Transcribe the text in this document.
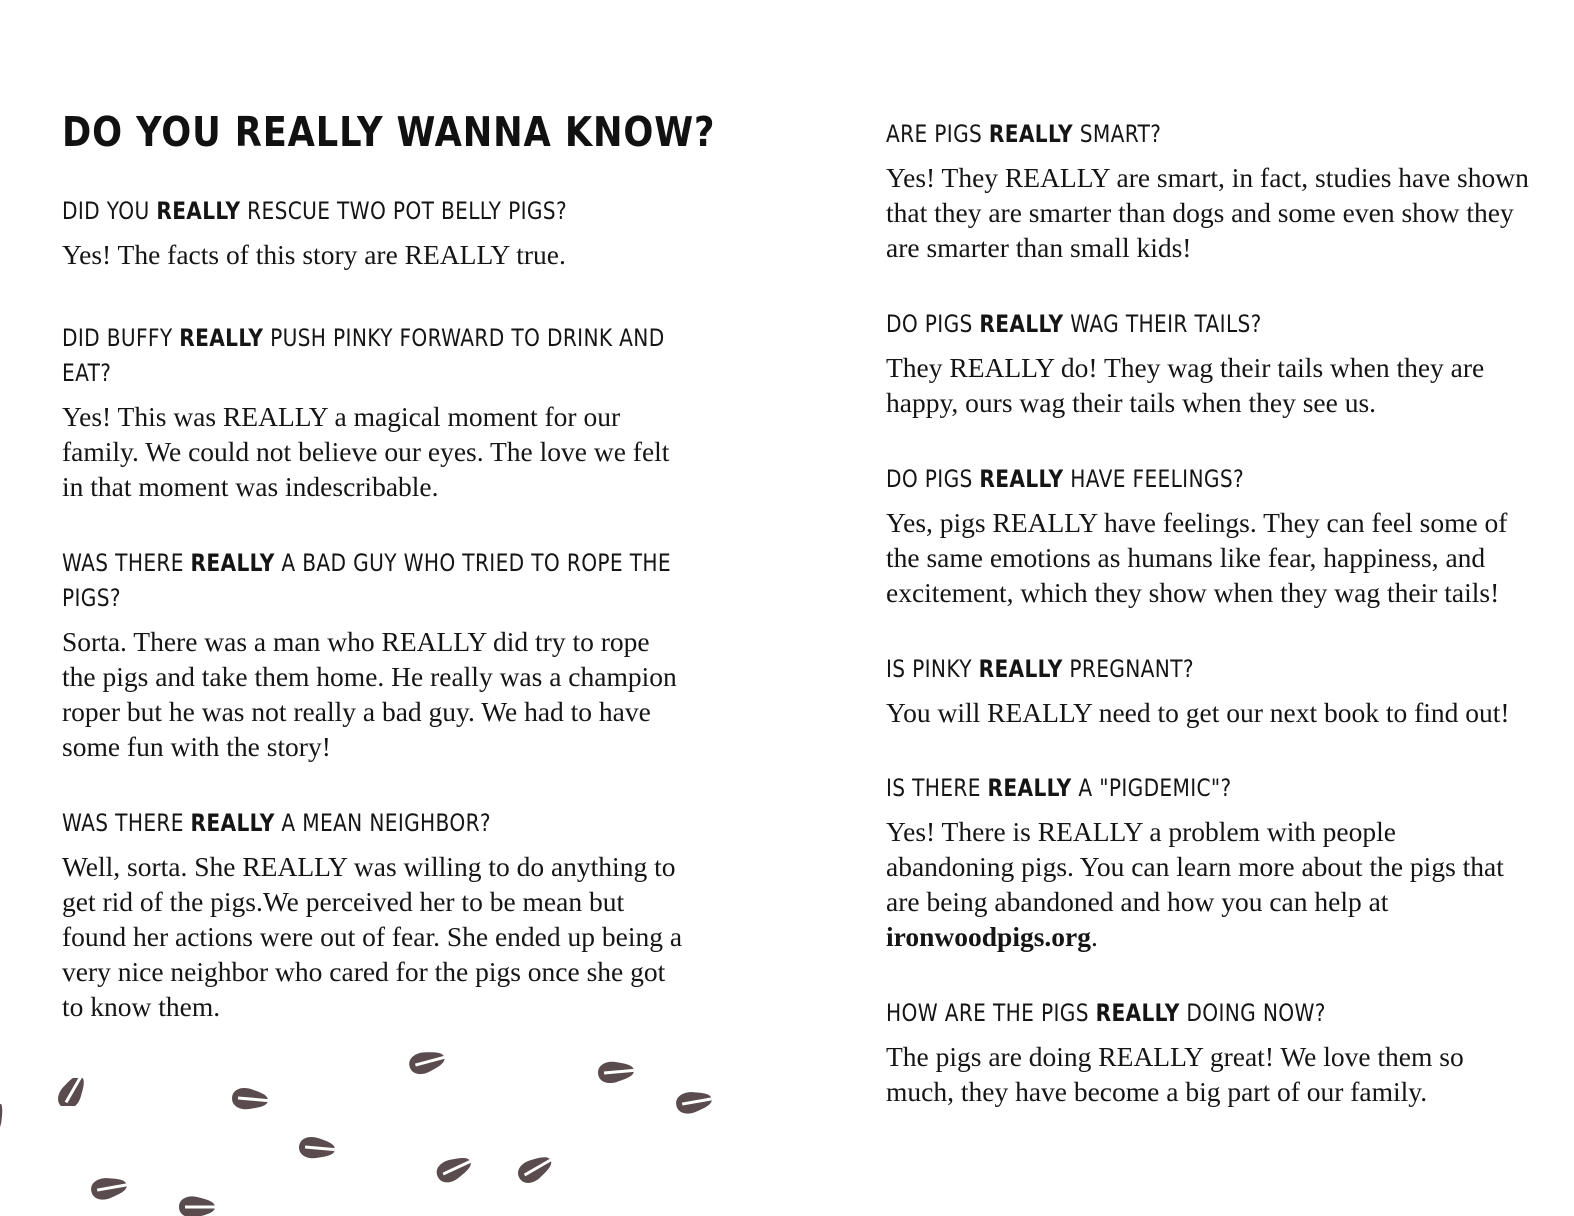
DO YOU REALLY WANNA KNOW?

DID YOU REALLY RESCUE TWO POT BELLY PIGS?

Yes! The facts of this story are REALLY true.

DID BUFFY REALLY PUSH PINKY FORWARD TO DRINK AND EAT?

Yes! This was REALLY a magical moment for our family. We could not believe our eyes. The love we felt in that moment was indescribable.

WAS THERE REALLY A BAD GUY WHO TRIED TO ROPE THE PIGS?

Sorta. There was a man who REALLY did try to rope the pigs and take them home. He really was a champion roper but he was not really a bad guy. We had to have some fun with the story!

WAS THERE REALLY A MEAN NEIGHBOR?

Well, sorta. She REALLY was willing to do anything to get rid of the pigs.We perceived her to be mean but found her actions were out of fear. She ended up being a very nice neighbor who cared for the pigs once she got to know them.

ARE PIGS REALLY SMART?

Yes! They REALLY are smart, in fact, studies have shown that they are smarter than dogs and some even show they are smarter than small kids!

DO PIGS REALLY WAG THEIR TAILS?

They REALLY do! They wag their tails when they are happy, ours wag their tails when they see us.

DO PIGS REALLY HAVE FEELINGS?

Yes, pigs REALLY have feelings. They can feel some of the same emotions as humans like fear, happiness, and excitement, which they show when they wag their tails!

IS PINKY REALLY PREGNANT?

You will REALLY need to get our next book to find out!

IS THERE REALLY A "PIGDEMIC"?

Yes! There is REALLY a problem with people abandoning pigs. You can learn more about the pigs that are being abandoned and how you can help at ironwoodpigs.org.

HOW ARE THE PIGS REALLY DOING NOW?

The pigs are doing REALLY great! We love them so much, they have become a big part of our family.
